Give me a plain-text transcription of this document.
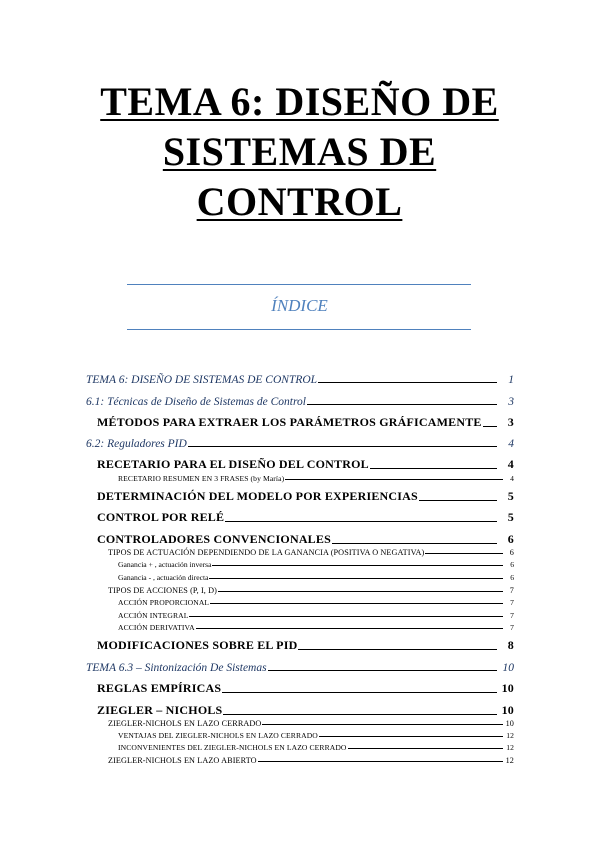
TEMA 6: DISEÑO DE
SISTEMAS DE
CONTROL
ÍNDICE
TEMA 6: DISEÑO DE SISTEMAS DE CONTROL	1
6.1: Técnicas de Diseño de Sistemas de Control	3
MÉTODOS PARA EXTRAER LOS PARÁMETROS GRÁFICAMENTE	3
6.2: Reguladores PID	4
RECETARIO PARA EL DISEÑO DEL CONTROL	4
RECETARIO RESUMEN EN 3 FRASES (by María)	4
DETERMINACIÓN DEL MODELO POR EXPERIENCIAS	5
CONTROL POR RELÉ	5
CONTROLADORES CONVENCIONALES	6
TIPOS DE ACTUACIÓN DEPENDIENDO DE LA GANANCIA (POSITIVA O NEGATIVA)	6
Ganancia + , actuación inversa	6
Ganancia - , actuación directa	6
TIPOS DE ACCIONES (P, I, D)	7
ACCIÓN PROPORCIONAL	7
ACCIÓN INTEGRAL	7
ACCIÓN DERIVATIVA	7
MODIFICACIONES SOBRE EL PID	8
TEMA 6.3 – Sintonización De Sistemas	10
REGLAS EMPÍRICAS	10
ZIEGLER – NICHOLS	10
ZIEGLER-NICHOLS EN LAZO CERRADO	10
VENTAJAS DEL ZIEGLER-NICHOLS EN LAZO CERRADO	12
INCONVENIENTES DEL ZIEGLER-NICHOLS EN LAZO CERRADO	12
ZIEGLER-NICHOLS EN LAZO ABIERTO	12
